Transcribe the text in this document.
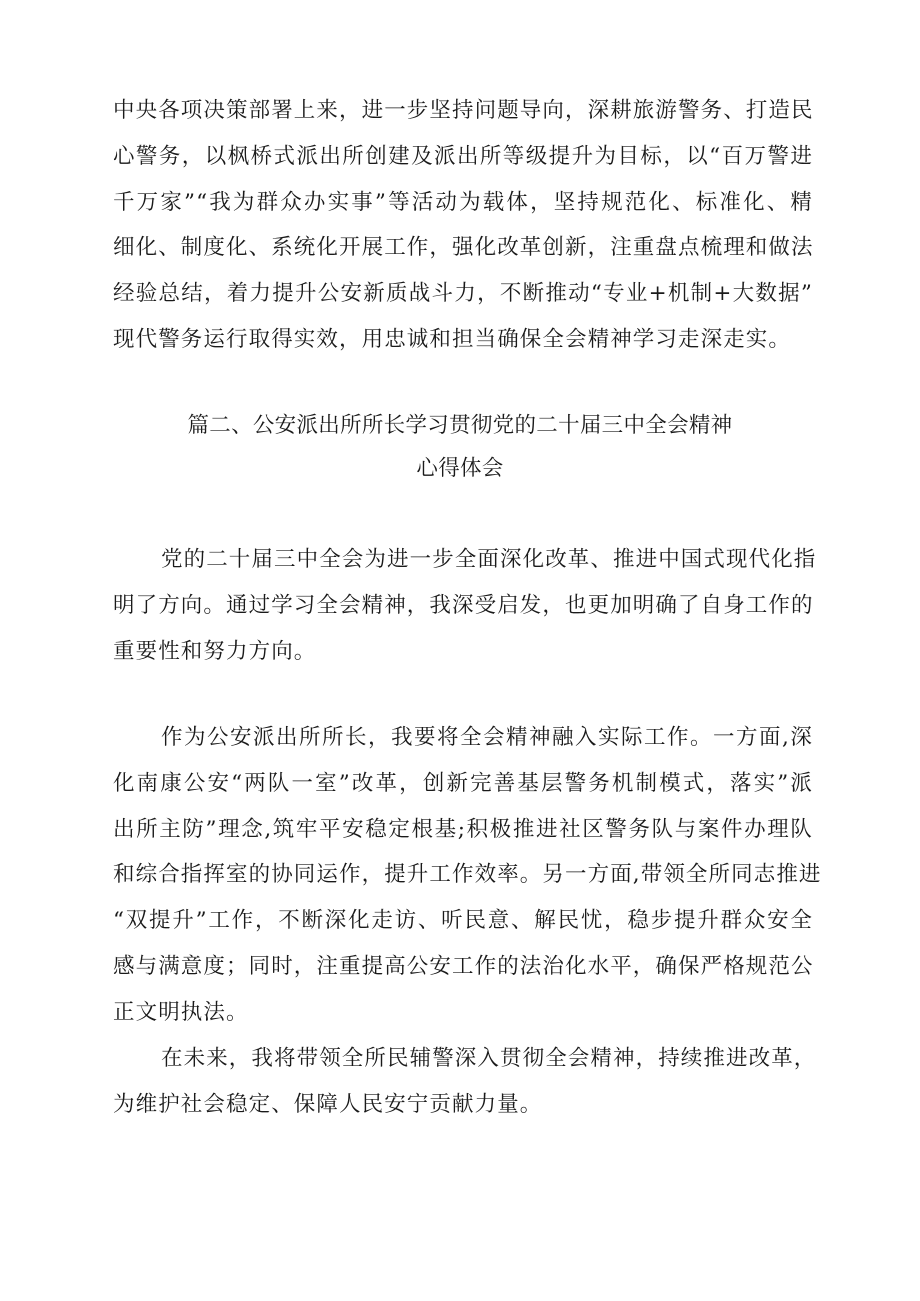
中央各项决策部署上来，进一步坚持问题导向，深耕旅游警务、打造民
心警务，以枫桥式派出所创建及派出所等级提升为目标，以“百万警进
千万家”“我为群众办实事”等活动为载体，坚持规范化、标准化、精
细化、制度化、系统化开展工作，强化改革创新，注重盘点梳理和做法
经验总结，着力提升公安新质战斗力，不断推动“专业+机制+大数据”
现代警务运行取得实效，用忠诚和担当确保全会精神学习走深走实。
篇二、公安派出所所长学习贯彻党的二十届三中全会精神
心得体会
党的二十届三中全会为进一步全面深化改革、推进中国式现代化指
明了方向。通过学习全会精神，我深受启发，也更加明确了自身工作的
重要性和努力方向。
作为公安派出所所长，我要将全会精神融入实际工作。一方面,深
化南康公安“两队一室”改革，创新完善基层警务机制模式，落实”派
出所主防”理念,筑牢平安稳定根基;积极推进社区警务队与案件办理队
和综合指挥室的协同运作，提升工作效率。另一方面,带领全所同志推进
“双提升”工作，不断深化走访、听民意、解民忧，稳步提升群众安全
感与满意度；同时，注重提高公安工作的法治化水平，确保严格规范公
正文明执法。
在未来，我将带领全所民辅警深入贯彻全会精神，持续推进改革，
为维护社会稳定、保障人民安宁贡献力量。
